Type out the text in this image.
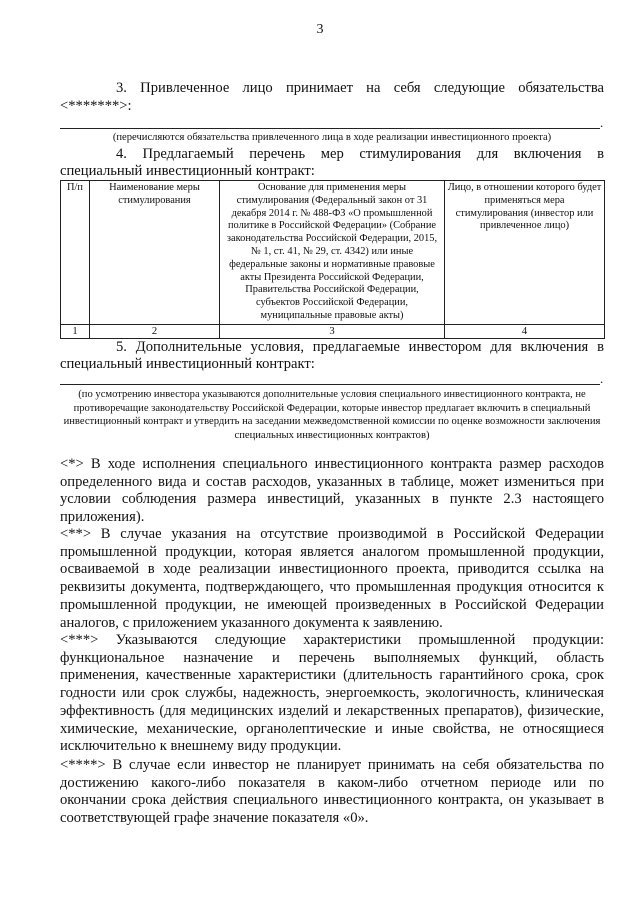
3
3. Привлеченное лицо принимает на себя следующие обязательства
<*******>:
.
(перечисляются обязательства привлеченного лица в ходе реализации инвестиционного проекта)
4. Предлагаемый перечень мер стимулирования для включения в
специальный инвестиционный контракт:
П/п	Наименование меры стимулирования	Основание для применения меры стимулирования (Федеральный закон от 31 декабря 2014 г. № 488-ФЗ «О промышленной политике в Российской Федерации» (Собрание законодательства Российской Федерации, 2015, № 1, ст. 41, № 29, ст. 4342) или иные федеральные законы и нормативные правовые акты Президента Российской Федерации, Правительства Российской Федерации, субъектов Российской Федерации, муниципальные правовые акты)	Лицо, в отношении которого будет применяться мера стимулирования (инвестор или привлеченное лицо)
1	2	3	4
5. Дополнительные условия, предлагаемые инвестором для включения в
специальный инвестиционный контракт:
.
(по усмотрению инвестора указываются дополнительные условия специального инвестиционного контракта, не
противоречащие законодательству Российской Федерации, которые инвестор предлагает включить в специальный
инвестиционный контракт и утвердить на заседании межведомственной комиссии по оценке возможности заключения
специальных инвестиционных контрактов)
<*> В ходе исполнения специального инвестиционного контракта размер расходов
определенного вида и состав расходов, указанных в таблице, может измениться при
условии соблюдения размера инвестиций, указанных в пункте 2.3 настоящего
приложения).
<**> В случае указания на отсутствие производимой в Российской Федерации
промышленной продукции, которая является аналогом промышленной продукции,
осваиваемой в ходе реализации инвестиционного проекта, приводится ссылка на
реквизиты документа, подтверждающего, что промышленная продукция относится к
промышленной продукции, не имеющей произведенных в Российской Федерации
аналогов, с приложением указанного документа к заявлению.
<***> Указываются следующие характеристики промышленной продукции:
функциональное назначение и перечень выполняемых функций, область
применения, качественные характеристики (длительность гарантийного срока, срок
годности или срок службы, надежность, энергоемкость, экологичность, клиническая
эффективность (для медицинских изделий и лекарственных препаратов), физические,
химические, механические, органолептические и иные свойства, не относящиеся
исключительно к внешнему виду продукции.
<****> В случае если инвестор не планирует принимать на себя обязательства по
достижению какого-либо показателя в каком-либо отчетном периоде или по
окончании срока действия специального инвестиционного контракта, он указывает в
соответствующей графе значение показателя «0».
